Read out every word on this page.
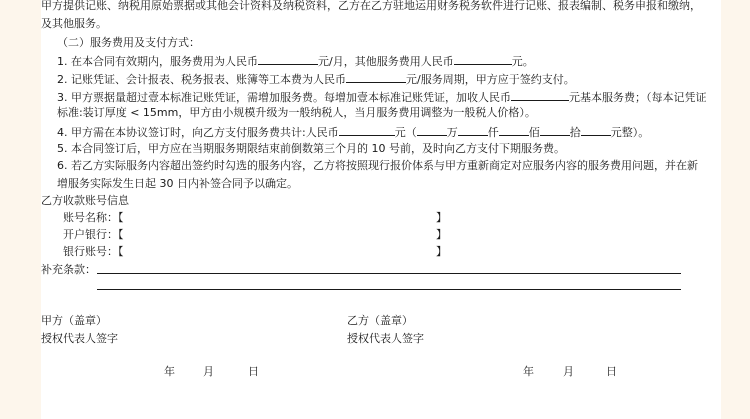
甲方提供记账、纳税用原始票据或其他会计资料及纳税资料，乙方在乙方驻地运用财务税务软件进行记账、报表编制、税务申报和缴纳，
及其他服务。
（二）服务费用及支付方式：
1. 在本合同有效期内，服务费用为人民币	元/月，其他服务费用人民币	元。
2. 记账凭证、会计报表、税务报表、账簿等工本费为人民币	元/服务周期，甲方应于签约支付。
3. 甲方票据量超过壹本标准记账凭证，需增加服务费。每增加壹本标准记账凭证，加收人民币	元基本服务费；（每本记凭证
标准:装订厚度 < 15mm，甲方由小规模升级为一般纳税人，当月服务费用调整为一般税人价格）。
4. 甲方需在本协议签订时，向乙方支付服务费共计:人民币	元（	万	仟	佰	拾	元整）。
5. 本合同签订后，甲方应在当期服务期限结束前倒数第三个月的 10 号前，及时向乙方支付下期服务费。
6. 若乙方实际服务内容超出签约时勾选的服务内容，乙方将按照现行报价体系与甲方重新商定对应服务内容的服务费用问题，并在新
增服务实际发生日起 30 日内补签合同予以确定。
乙方收款账号信息
账号名称：【	】
开户银行：【	】
银行账号：【	】
补充条款：
甲方（盖章）
授权代表人签字
乙方（盖章）
授权代表人签字
年	月	日	年	月	日
